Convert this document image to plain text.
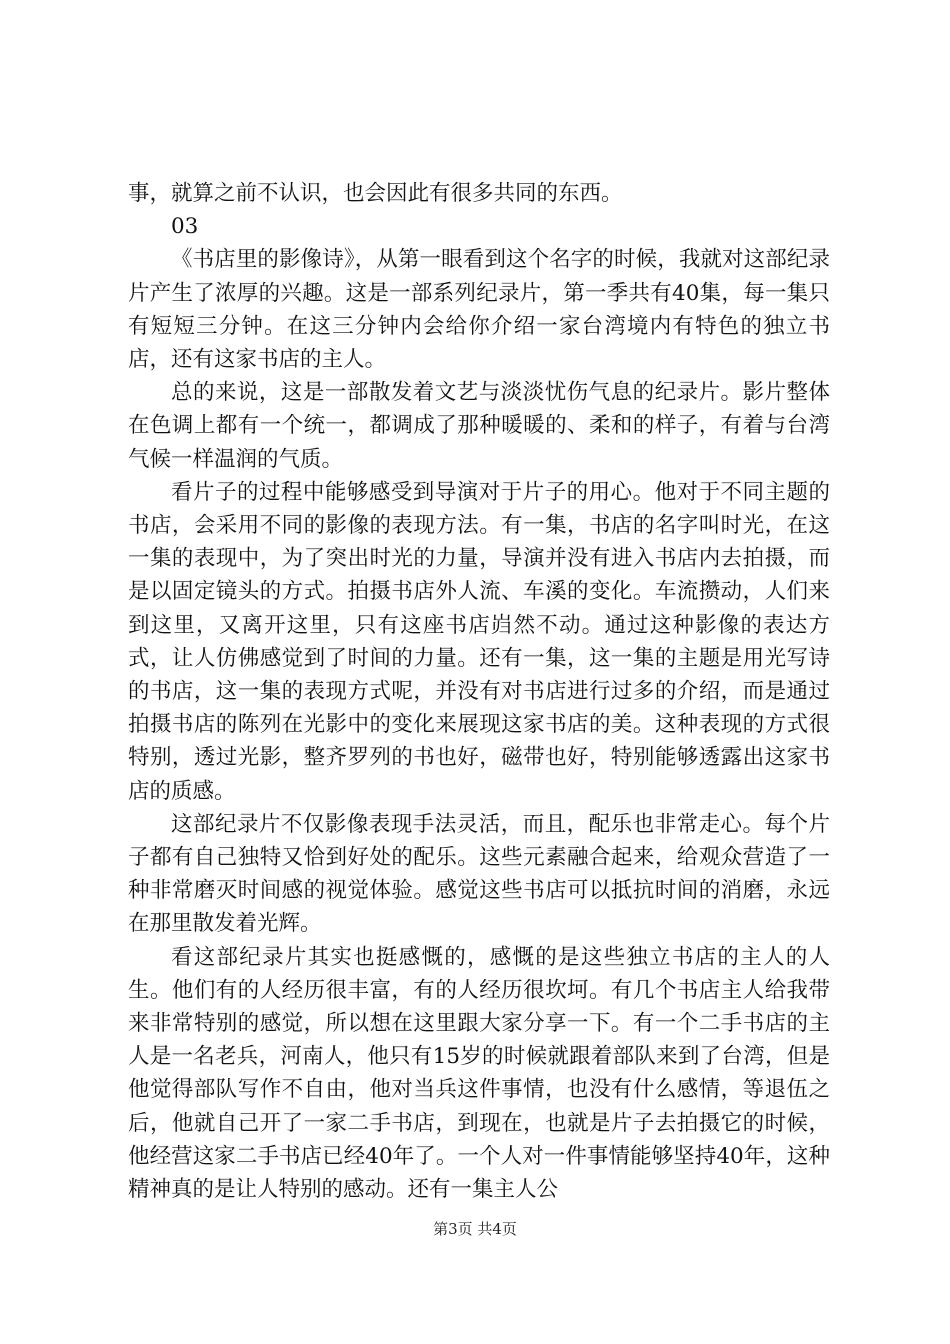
事，就算之前不认识，也会因此有很多共同的东西。

03

《书店里的影像诗》，从第一眼看到这个名字的时候，我就对这部纪录片产生了浓厚的兴趣。这是一部系列纪录片，第一季共有40集，每一集只有短短三分钟。在这三分钟内会给你介绍一家台湾境内有特色的独立书店，还有这家书店的主人。

总的来说，这是一部散发着文艺与淡淡忧伤气息的纪录片。影片整体在色调上都有一个统一，都调成了那种暖暖的、柔和的样子，有着与台湾气候一样温润的气质。

看片子的过程中能够感受到导演对于片子的用心。他对于不同主题的书店，会采用不同的影像的表现方法。有一集，书店的名字叫时光，在这一集的表现中，为了突出时光的力量，导演并没有进入书店内去拍摄，而是以固定镜头的方式。拍摄书店外人流、车溪的变化。车流攒动，人们来到这里，又离开这里，只有这座书店岿然不动。通过这种影像的表达方式，让人仿佛感觉到了时间的力量。还有一集，这一集的主题是用光写诗的书店，这一集的表现方式呢，并没有对书店进行过多的介绍，而是通过拍摄书店的陈列在光影中的变化来展现这家书店的美。这种表现的方式很特别，透过光影，整齐罗列的书也好，磁带也好，特别能够透露出这家书店的质感。

这部纪录片不仅影像表现手法灵活，而且，配乐也非常走心。每个片子都有自己独特又恰到好处的配乐。这些元素融合起来，给观众营造了一种非常磨灭时间感的视觉体验。感觉这些书店可以抵抗时间的消磨，永远在那里散发着光辉。

看这部纪录片其实也挺感慨的，感慨的是这些独立书店的主人的人生。他们有的人经历很丰富，有的人经历很坎坷。有几个书店主人给我带来非常特别的感觉，所以想在这里跟大家分享一下。有一个二手书店的主人是一名老兵，河南人，他只有15岁的时候就跟着部队来到了台湾，但是他觉得部队写作不自由，他对当兵这件事情，也没有什么感情，等退伍之后，他就自己开了一家二手书店，到现在，也就是片子去拍摄它的时候，他经营这家二手书店已经40年了。一个人对一件事情能够坚持40年，这种精神真的是让人特别的感动。还有一集主人公

第3页 共4页
